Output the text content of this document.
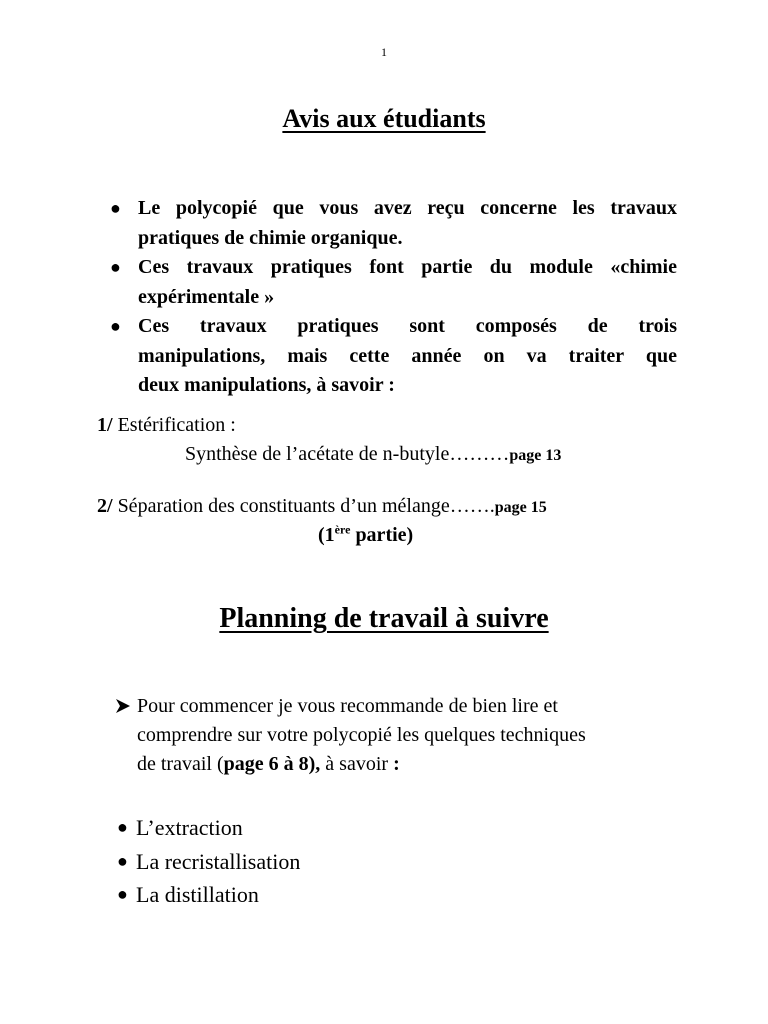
1
Avis aux étudiants
● Le polycopié que vous avez reçu concerne les travaux
pratiques de chimie organique.
● Ces travaux pratiques font partie du module «chimie
expérimentale »
● Ces travaux pratiques sont composés de trois
manipulations, mais cette année on va traiter que
deux manipulations, à savoir :
1/ Estérification :
Synthèse de l’acétate de n-butyle………page 13
2/ Séparation des constituants d’un mélange…….page 15
(1ère partie)
Planning de travail à suivre
Pour commencer je vous recommande de bien lire et
comprendre sur votre polycopié les quelques techniques
de travail (page 6 à 8), à savoir :
● L’extraction
● La recristallisation
● La distillation
